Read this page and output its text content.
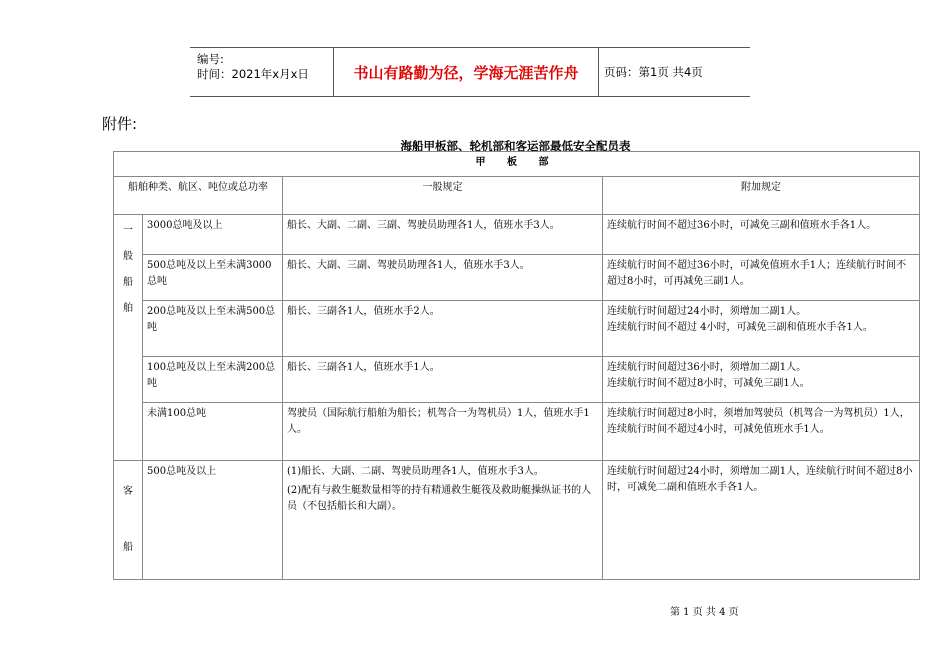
编号:
时间：2021年x月x日	书山有路勤为径，学海无涯苦作舟	页码：第1页 共4页
附件:
海船甲板部、轮机部和客运部最低安全配员表
甲 板 部			
船舶种类、航区、吨位或总功率		一般规定	附加规定

一般船舶	3000总吨及以上	船长、大副、二副、三副、驾驶员助理各1人，值班水手3人。	连续航行时间不超过36小时，可减免三副和值班水手各1人。

	500总吨及以上至未满3000总吨	船长、大副、三副、驾驶员助理各1人，值班水手3人。	连续航行时间不超过36小时，可减免值班水手1人；连续航行时间不超过8小时，可再减免三副1人。

	200总吨及以上至未满500总吨	船长、三副各1人，值班水手2人。	连续航行时间超过24小时，须增加二副1人。
连续航行时间不超过 4小时，可减免三副和值班水手各1人。

	100总吨及以上至未满200总吨	船长、三副各1人，值班水手1人。	连续航行时间超过36小时，须增加二副1人。
连续航行时间不超过8小时，可减免三副1人。

	未满100总吨	驾驶员（国际航行船舶为船长；机驾合一为驾机员）1人，值班水手1人。	连续航行时间超过8小时，须增加驾驶员（机驾合一为驾机员）1人，连续航行时间不超过4小时，可减免值班水手1人。

客船	500总吨及以上	(1)船长、大副、二副、驾驶员助理各1人，值班水手3人。
(2)配有与救生艇数量相等的持有精通救生艇筏及救助艇操纵证书的人员（不包括船长和大副）。	连续航行时间超过24小时，须增加二副1人，连续航行时间不超过8小时，可减免二副和值班水手各1人。
第 1 页 共 4 页
